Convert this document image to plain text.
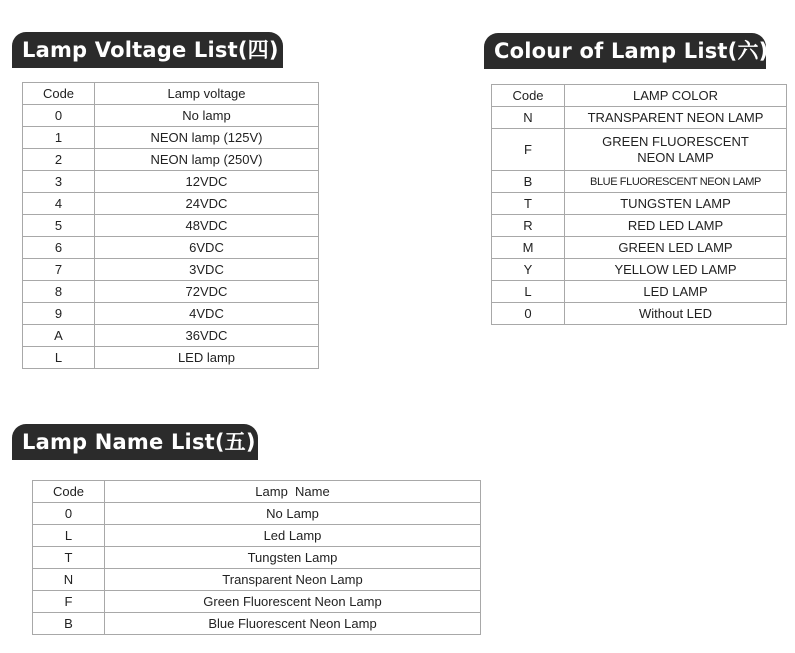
Lamp Voltage List(四)
Code	Lamp voltage
0	No lamp
1	NEON lamp (125V)
2	NEON lamp (250V)
3	12VDC
4	24VDC
5	48VDC
6	6VDC
7	3VDC
8	72VDC
9	4VDC
A	36VDC
L	LED lamp
Colour of Lamp List(六)
Code	LAMP COLOR
N	TRANSPARENT NEON LAMP
F	GREEN FLUORESCENT NEON LAMP
B	BLUE FLUORESCENT NEON LAMP
T	TUNGSTEN LAMP
R	RED LED LAMP
M	GREEN LED LAMP
Y	YELLOW LED LAMP
L	LED LAMP
0	Without LED
Lamp Name List(五)
Code	Lamp  Name
0	No Lamp
L	Led Lamp
T	Tungsten Lamp
N	Transparent Neon Lamp
F	Green Fluorescent Neon Lamp
B	Blue Fluorescent Neon Lamp
